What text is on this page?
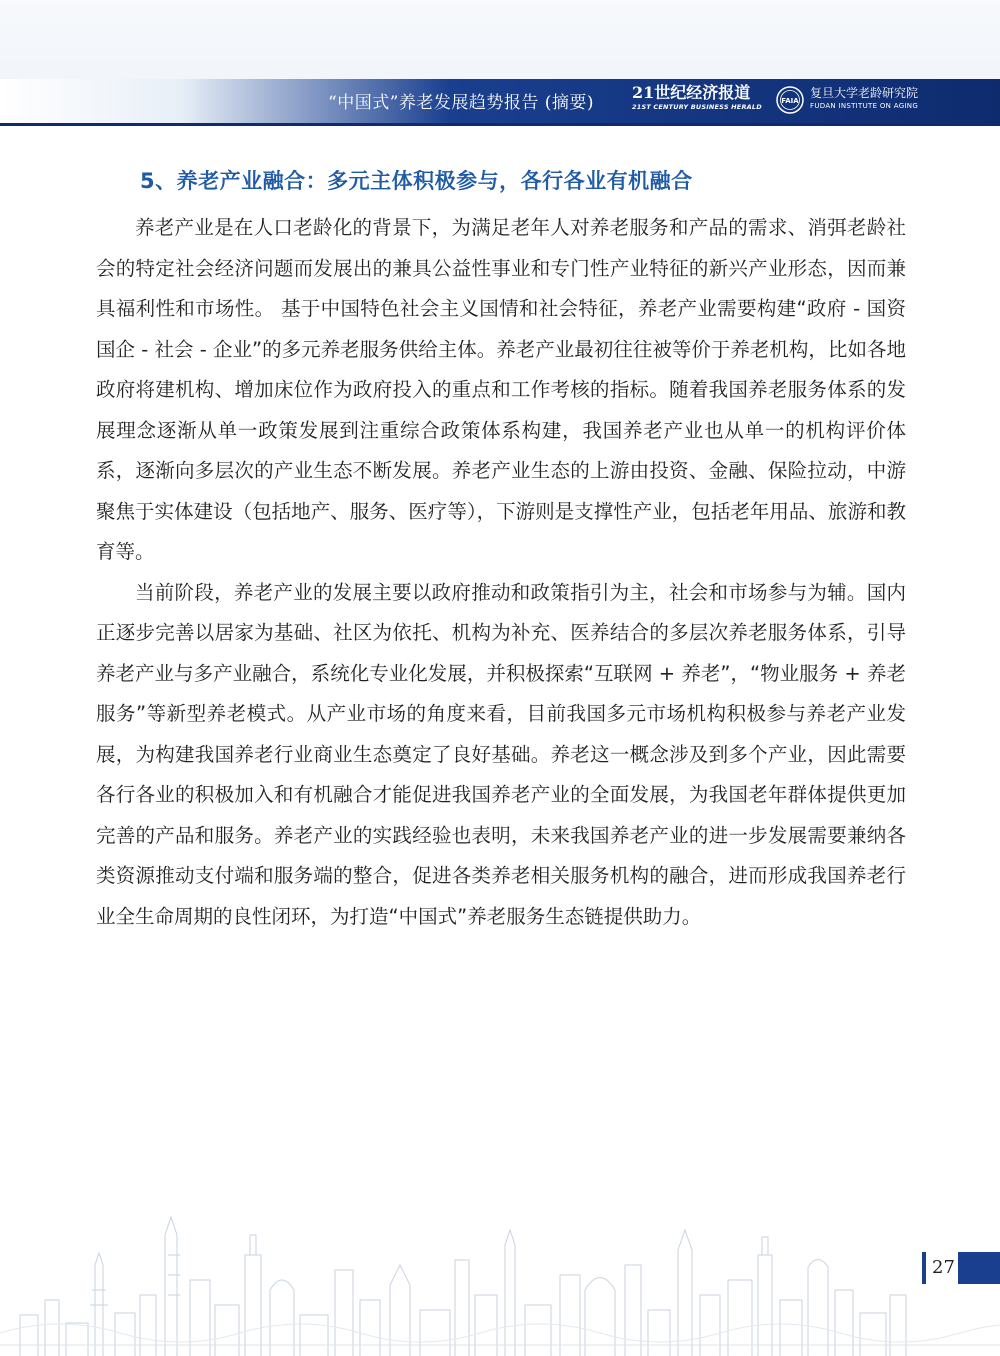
“中国式”养老发展趋势报告 (摘要)
21世纪经济报道
21ST CENTURY BUSINESS HERALD
FAIA
复旦大学老龄研究院
FUDAN INSTITUTE ON AGING
5、养老产业融合：多元主体积极参与，各行各业有机融合

养老产业是在人口老龄化的背景下，为满足老年人对养老服务和产品的需求、消弭老龄社会的特定社会经济问题而发展出的兼具公益性事业和专门性产业特征的新兴产业形态，因而兼具福利性和市场性。 基于中国特色社会主义国情和社会特征，养老产业需要构建“政府 - 国资国企 - 社会 - 企业”的多元养老服务供给主体。养老产业最初往往被等价于养老机构，比如各地政府将建机构、增加床位作为政府投入的重点和工作考核的指标。随着我国养老服务体系的发展理念逐渐从单一政策发展到注重综合政策体系构建，我国养老产业也从单一的机构评价体系，逐渐向多层次的产业生态不断发展。养老产业生态的上游由投资、金融、保险拉动，中游聚焦于实体建设（包括地产、服务、医疗等），下游则是支撑性产业，包括老年用品、旅游和教育等。

当前阶段，养老产业的发展主要以政府推动和政策指引为主，社会和市场参与为辅。国内正逐步完善以居家为基础、社区为依托、机构为补充、医养结合的多层次养老服务体系，引导养老产业与多产业融合，系统化专业化发展，并积极探索“互联网 + 养老”，“物业服务 + 养老服务”等新型养老模式。从产业市场的角度来看，目前我国多元市场机构积极参与养老产业发展，为构建我国养老行业商业生态奠定了良好基础。养老这一概念涉及到多个产业，因此需要各行各业的积极加入和有机融合才能促进我国养老产业的全面发展，为我国老年群体提供更加完善的产品和服务。养老产业的实践经验也表明，未来我国养老产业的进一步发展需要兼纳各类资源推动支付端和服务端的整合，促进各类养老相关服务机构的融合，进而形成我国养老行业全生命周期的良性闭环，为打造“中国式”养老服务生态链提供助力。

27
